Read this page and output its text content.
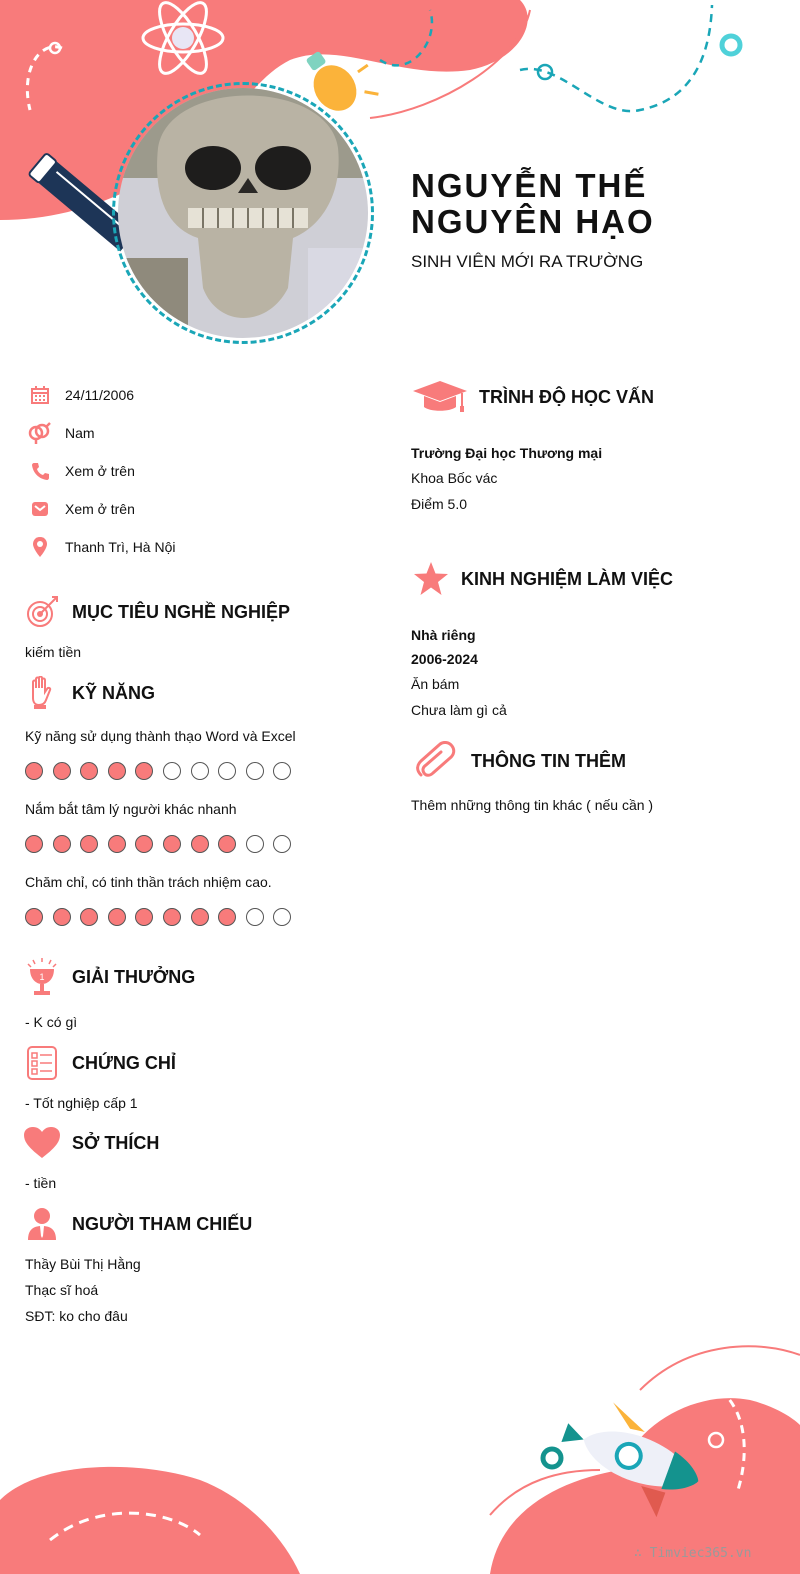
NGUYỄN THẾ NGUYÊN HẠO
SINH VIÊN MỚI RA TRƯỜNG
24/11/2006
Nam
Xem ở trên
Xem ở trên
Thanh Trì, Hà Nội
MỤC TIÊU NGHỀ NGHIỆP
kiếm tiền
KỸ NĂNG
Kỹ năng sử dụng thành thạo Word và Excel
Nắm bắt tâm lý người khác nhanh
Chăm chỉ, có tinh thần trách nhiệm cao.
1 GIẢI THƯỞNG
- K có gì
CHỨNG CHỈ
- Tốt nghiệp cấp 1
SỞ THÍCH
- tiền
NGƯỜI THAM CHIẾU
Thầy Bùi Thị Hằng
Thạc sĩ hoá
SĐT: ko cho đâu
TRÌNH ĐỘ HỌC VẤN
Trường Đại học Thương mại
Khoa Bốc vác
Điểm 5.0
KINH NGHIỆM LÀM VIỆC
Nhà riêng
2006-2024
Ăn bám
Chưa làm gì cả
THÔNG TIN THÊM
Thêm những thông tin khác ( nếu cần )
∴ Timviec365.vn
